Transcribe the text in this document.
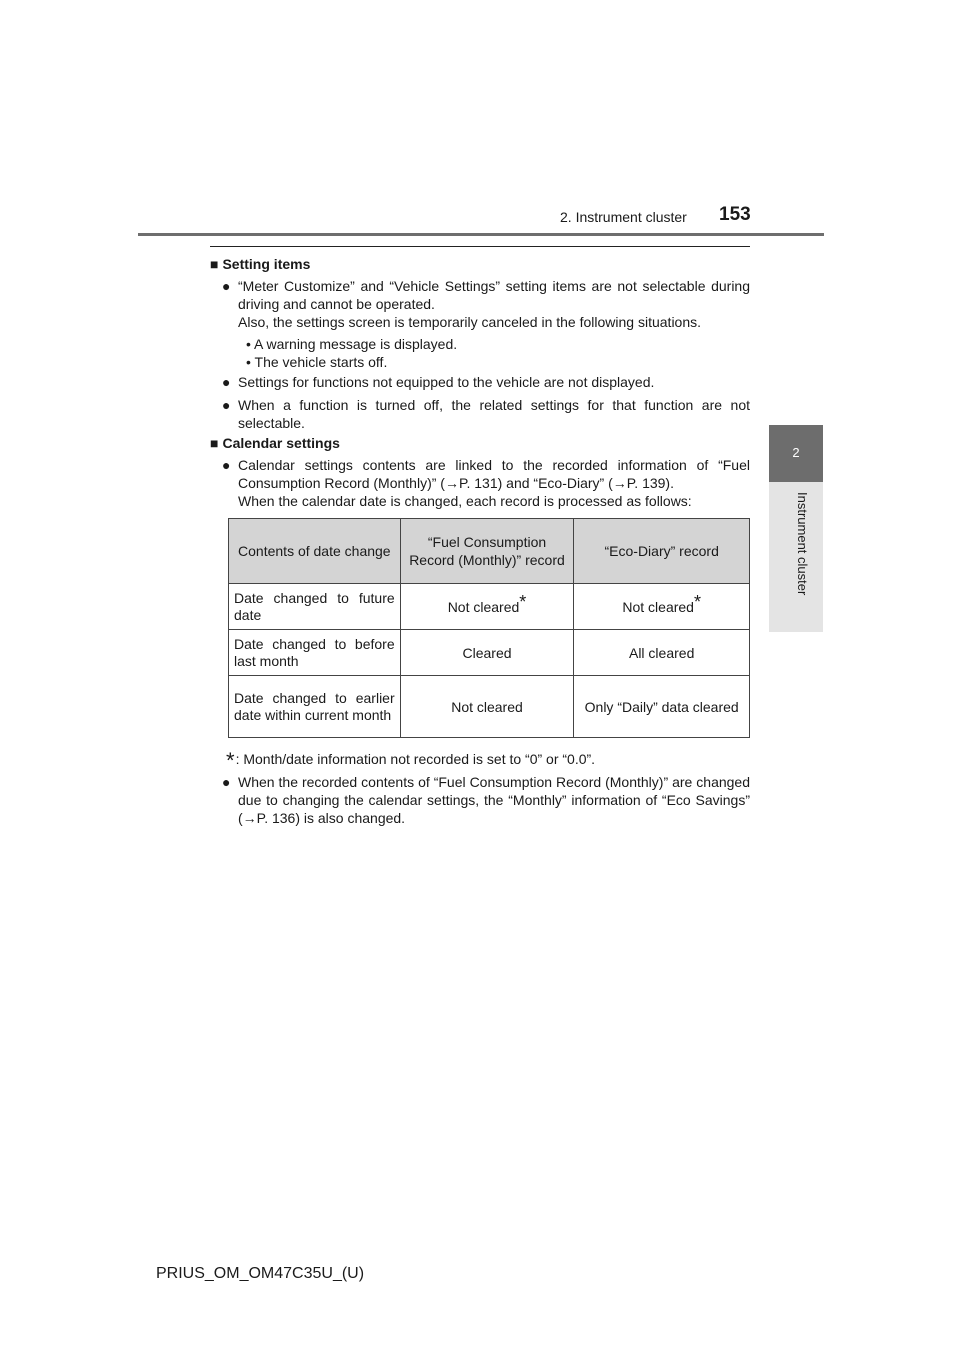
2. Instrument cluster 153
2
Instrument cluster
■ Setting items
● “Meter Customize” and “Vehicle Settings” setting items are not selectable during driving and cannot be operated.
Also, the settings screen is temporarily canceled in the following situations.
• A warning message is displayed.
• The vehicle starts off.
● Settings for functions not equipped to the vehicle are not displayed.
● When a function is turned off, the related settings for that function are not selectable.
■ Calendar settings
● Calendar settings contents are linked to the recorded information of “Fuel Consumption Record (Monthly)” (→P. 131) and “Eco-Diary” (→P. 139).
When the calendar date is changed, each record is processed as follows:
Contents of date change	“Fuel Consumption Record (Monthly)” record	“Eco-Diary” record
Date changed to future date	Not cleared*	Not cleared*
Date changed to before last month	Cleared	All cleared
Date changed to earlier date within current month	Not cleared	Only “Daily” data cleared
*: Month/date information not recorded is set to “0” or “0.0”.
● When the recorded contents of “Fuel Consumption Record (Monthly)” are changed due to changing the calendar settings, the “Monthly” information of “Eco Savings” (→P. 136) is also changed.
PRIUS_OM_OM47C35U_(U)
